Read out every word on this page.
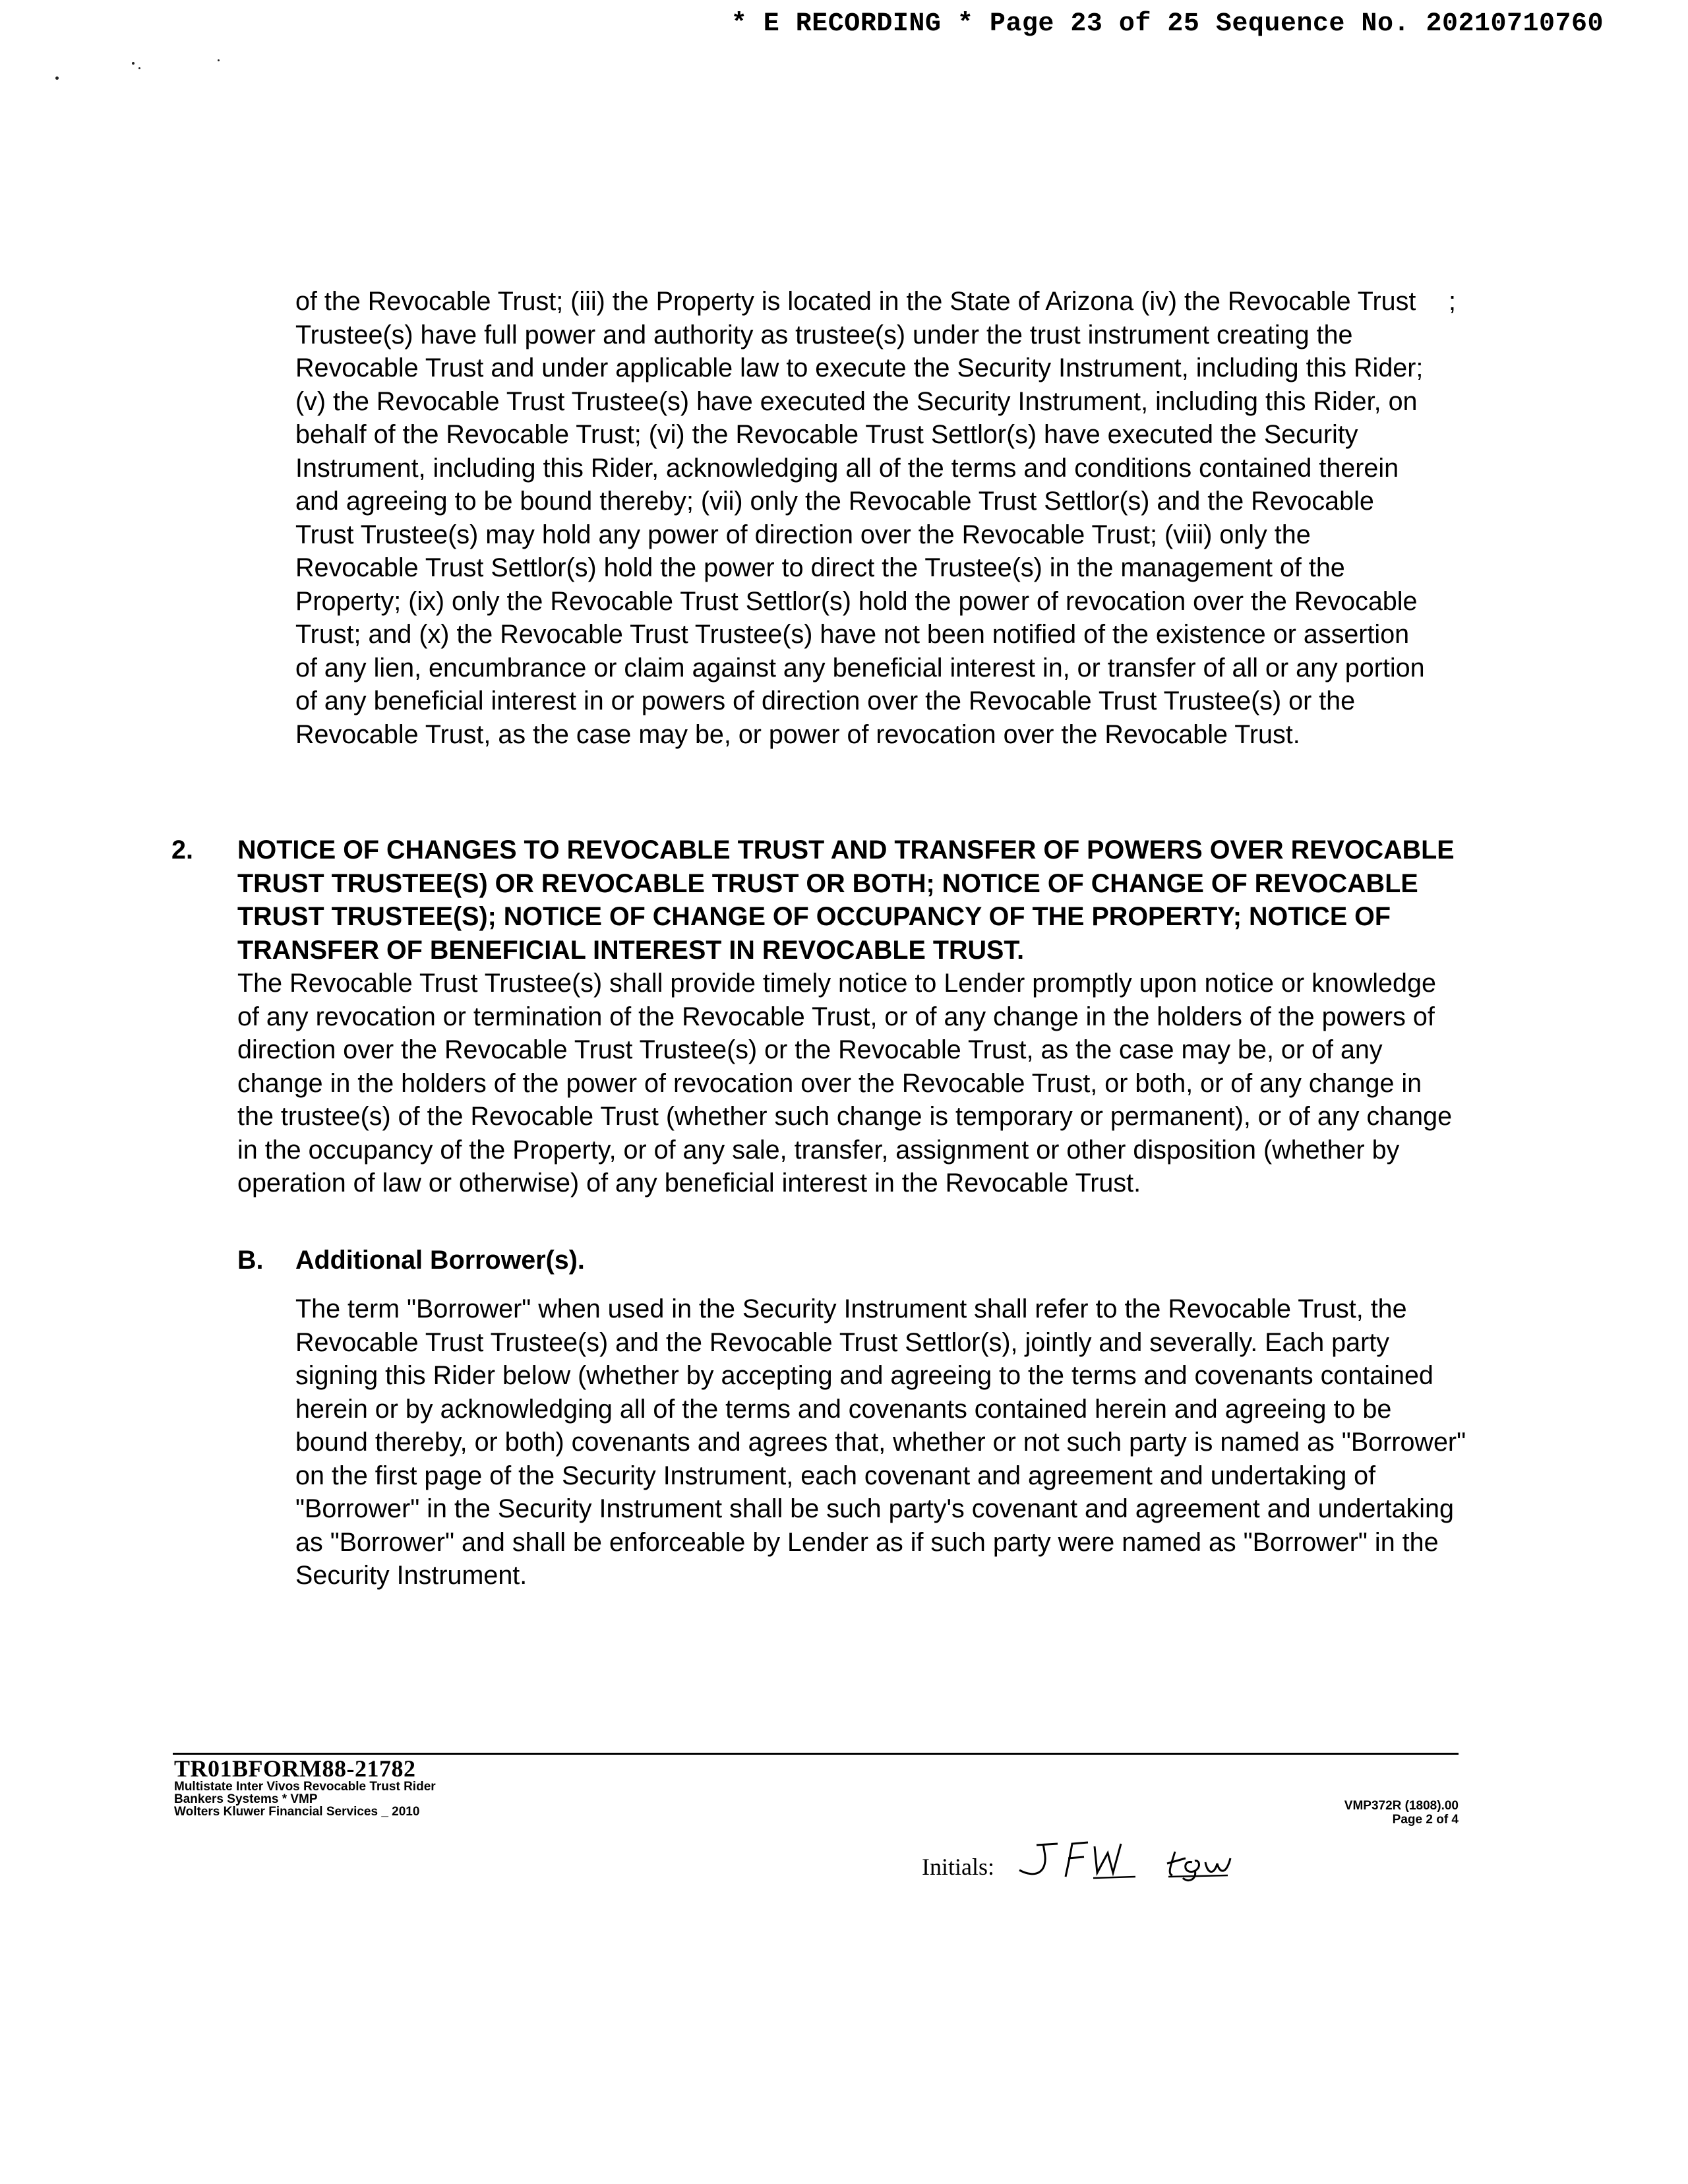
* E RECORDING * Page 23 of 25 Sequence No. 20210710760
;

of the Revocable Trust; (iii) the Property is located in the State of Arizona (iv) the Revocable Trust Trustee(s) have full power and authority as trustee(s) under the trust instrument creating the Revocable Trust and under applicable law to execute the Security Instrument, including this Rider; (v) the Revocable Trust Trustee(s) have executed the Security Instrument, including this Rider, on behalf of the Revocable Trust; (vi) the Revocable Trust Settlor(s) have executed the Security Instrument, including this Rider, acknowledging all of the terms and conditions contained therein and agreeing to be bound thereby; (vii) only the Revocable Trust Settlor(s) and the Revocable Trust Trustee(s) may hold any power of direction over the Revocable Trust; (viii) only the Revocable Trust Settlor(s) hold the power to direct the Trustee(s) in the management of the Property; (ix) only the Revocable Trust Settlor(s) hold the power of revocation over the Revocable Trust; and (x) the Revocable Trust Trustee(s) have not been notified of the existence or assertion of any lien, encumbrance or claim against any beneficial interest in, or transfer of all or any portion of any beneficial interest in or powers of direction over the Revocable Trust Trustee(s) or the Revocable Trust, as the case may be, or power of revocation over the Revocable Trust.

2. NOTICE OF CHANGES TO REVOCABLE TRUST AND TRANSFER OF POWERS OVER REVOCABLE TRUST TRUSTEE(S) OR REVOCABLE TRUST OR BOTH; NOTICE OF CHANGE OF REVOCABLE TRUST TRUSTEE(S); NOTICE OF CHANGE OF OCCUPANCY OF THE PROPERTY; NOTICE OF TRANSFER OF BENEFICIAL INTEREST IN REVOCABLE TRUST.

The Revocable Trust Trustee(s) shall provide timely notice to Lender promptly upon notice or knowledge of any revocation or termination of the Revocable Trust, or of any change in the holders of the powers of direction over the Revocable Trust Trustee(s) or the Revocable Trust, as the case may be, or of any change in the holders of the power of revocation over the Revocable Trust, or both, or of any change in the trustee(s) of the Revocable Trust (whether such change is temporary or permanent), or of any change in the occupancy of the Property, or of any sale, transfer, assignment or other disposition (whether by operation of law or otherwise) of any beneficial interest in the Revocable Trust.

B. Additional Borrower(s).

The term "Borrower" when used in the Security Instrument shall refer to the Revocable Trust, the Revocable Trust Trustee(s) and the Revocable Trust Settlor(s), jointly and severally. Each party signing this Rider below (whether by accepting and agreeing to the terms and covenants contained herein or by acknowledging all of the terms and covenants contained herein and agreeing to be bound thereby, or both) covenants and agrees that, whether or not such party is named as "Borrower" on the first page of the Security Instrument, each covenant and agreement and undertaking of "Borrower" in the Security Instrument shall be such party's covenant and agreement and undertaking as "Borrower" and shall be enforceable by Lender as if such party were named as "Borrower" in the Security Instrument.

TR01BFORM88-21782
Multistate Inter Vivos Revocable Trust Rider
Bankers Systems * VMP
Wolters Kluwer Financial Services _ 2010	VMP372R (1808).00
Page 2 of 4
Initials:
